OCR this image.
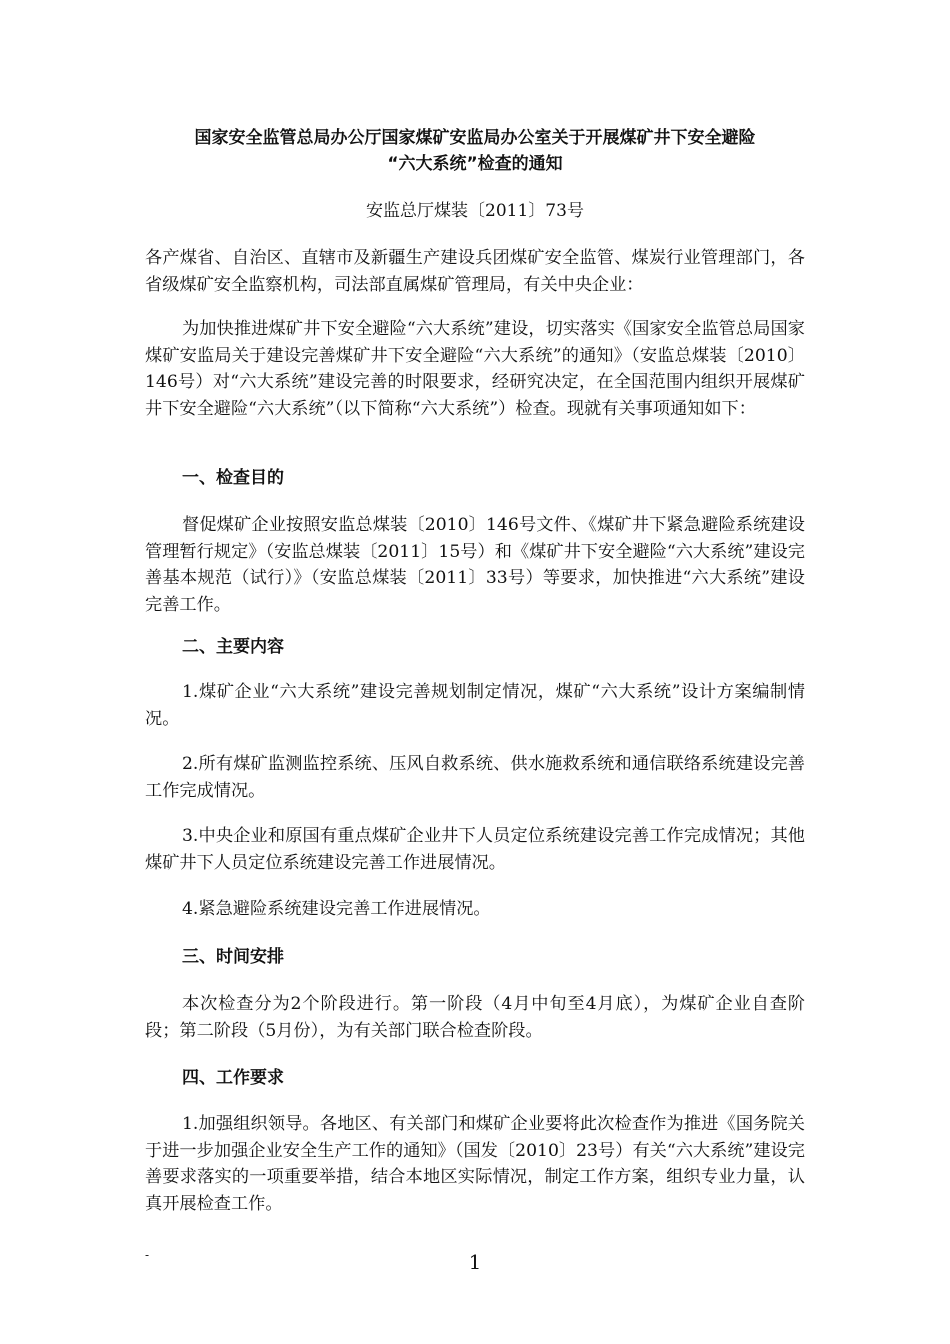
国家安全监管总局办公厅国家煤矿安监局办公室关于开展煤矿井下安全避险
“六大系统”检查的通知
安监总厅煤装〔2011〕73号
各产煤省、自治区、直辖市及新疆生产建设兵团煤矿安全监管、煤炭行业管理部门，各省级煤矿安全监察机构，司法部直属煤矿管理局，有关中央企业：
为加快推进煤矿井下安全避险“六大系统”建设，切实落实《国家安全监管总局国家煤矿安监局关于建设完善煤矿井下安全避险“六大系统”的通知》（安监总煤装〔2010〕146号）对“六大系统”建设完善的时限要求，经研究决定，在全国范围内组织开展煤矿井下安全避险“六大系统”（以下简称“六大系统”）检查。现就有关事项通知如下：
一、检查目的
督促煤矿企业按照安监总煤装〔2010〕146号文件、《煤矿井下紧急避险系统建设管理暂行规定》（安监总煤装〔2011〕15号）和《煤矿井下安全避险“六大系统”建设完善基本规范（试行）》（安监总煤装〔2011〕33号）等要求，加快推进“六大系统”建设完善工作。
二、主要内容
1.煤矿企业“六大系统”建设完善规划制定情况，煤矿“六大系统”设计方案编制情况。
2.所有煤矿监测监控系统、压风自救系统、供水施救系统和通信联络系统建设完善工作完成情况。
3.中央企业和原国有重点煤矿企业井下人员定位系统建设完善工作完成情况；其他煤矿井下人员定位系统建设完善工作进展情况。
4.紧急避险系统建设完善工作进展情况。
三、时间安排
本次检查分为2个阶段进行。第一阶段（4月中旬至4月底），为煤矿企业自查阶段；第二阶段（5月份），为有关部门联合检查阶段。
四、工作要求
1.加强组织领导。各地区、有关部门和煤矿企业要将此次检查作为推进《国务院关于进一步加强企业安全生产工作的通知》（国发〔2010〕23号）有关“六大系统”建设完善要求落实的一项重要举措，结合本地区实际情况，制定工作方案，组织专业力量，认真开展检查工作。
-	1
